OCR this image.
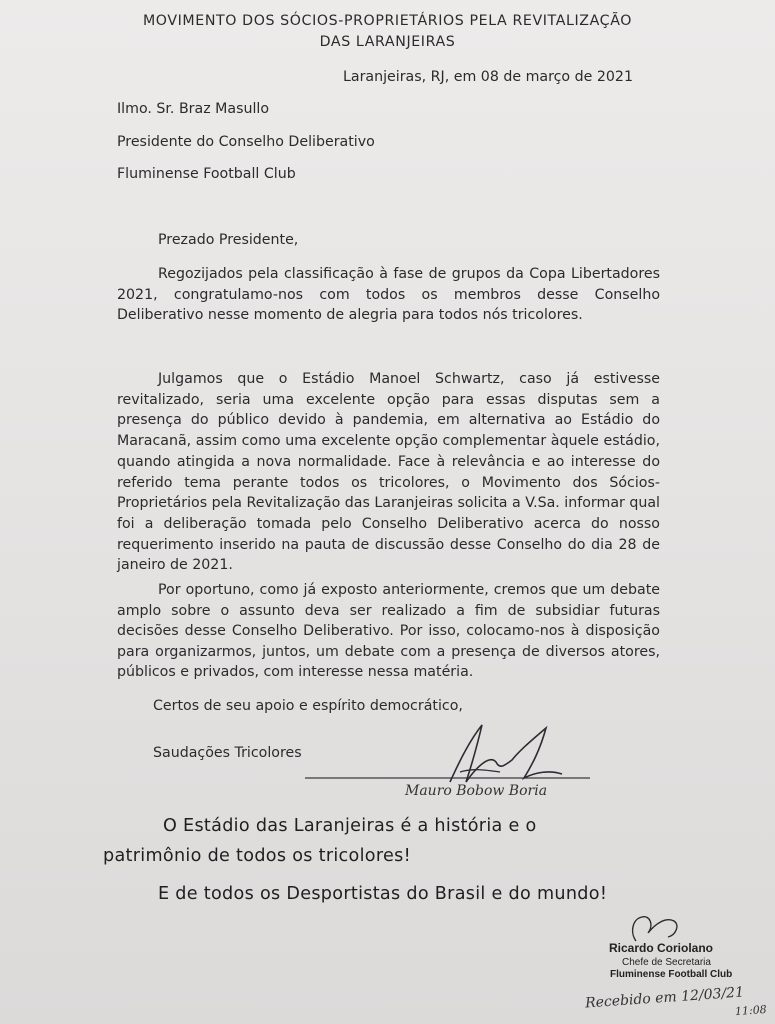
MOVIMENTO DOS SÓCIOS-PROPRIETÁRIOS PELA REVITALIZAÇÃO
DAS LARANJEIRAS
Laranjeiras, RJ, em 08 de março de 2021
Ilmo. Sr. Braz Masullo
Presidente do Conselho Deliberativo
Fluminense Football Club
Prezado Presidente,
Regozijados pela classificação à fase de grupos da Copa Libertadores 2021, congratulamo-nos com todos os membros desse Conselho Deliberativo nesse momento de alegria para todos nós tricolores.
Julgamos que o Estádio Manoel Schwartz, caso já estivesse revitalizado, seria uma excelente opção para essas disputas sem a presença do público devido à pandemia, em alternativa ao Estádio do Maracanã, assim como uma excelente opção complementar àquele estádio, quando atingida a nova normalidade. Face à relevância e ao interesse do referido tema perante todos os tricolores, o Movimento dos Sócios-Proprietários pela Revitalização das Laranjeiras solicita a V.Sa. informar qual foi a deliberação tomada pelo Conselho Deliberativo acerca do nosso requerimento inserido na pauta de discussão desse Conselho do dia 28 de janeiro de 2021.
Por oportuno, como já exposto anteriormente, cremos que um debate amplo sobre o assunto deva ser realizado a fim de subsidiar futuras decisões desse Conselho Deliberativo. Por isso, colocamo-nos à disposição para organizarmos, juntos, um debate com a presença de diversos atores, públicos e privados, com interesse nessa matéria.
Certos de seu apoio e espírito democrático,
Saudações Tricolores
Mauro Bobow Boria
O Estádio das Laranjeiras é a história e o
patrimônio de todos os tricolores!
E de todos os Desportistas do Brasil e do mundo!
Ricardo Coriolano
Chefe de Secretaria
Fluminense Football Club
Recebido em 12/03/21
11:08
